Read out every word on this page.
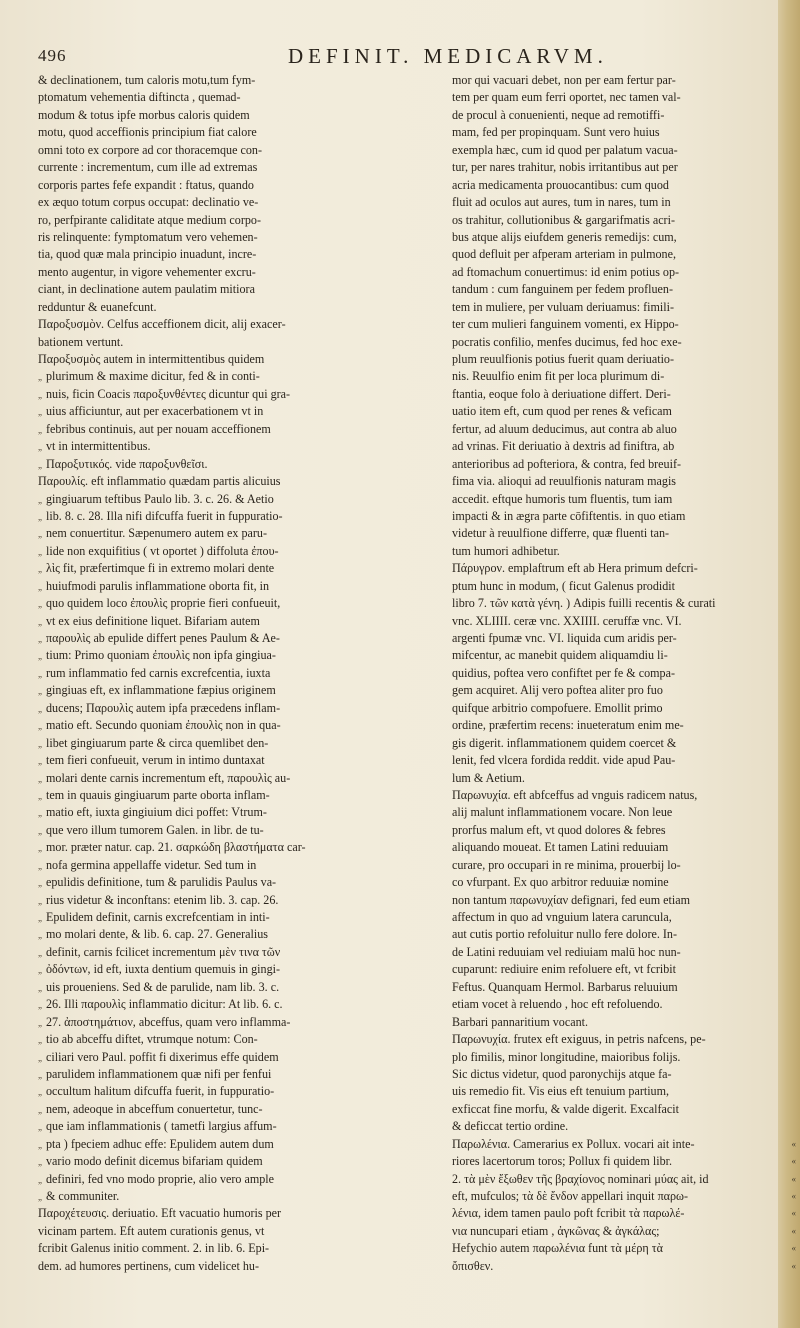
496	DEFINIT. MEDICARVM.
& declinationem, tum caloris motu,tum fym-
ptomatum vehementia diftincta , quemad-
modum & totus ipfe morbus caloris quidem
motu, quod acceffionis principium fiat calore
omni toto ex corpore ad cor thoracemque con-
currente : incrementum, cum ille ad extremas
corporis partes fefe expandit : ftatus, quando
ex æquo totum corpus occupat: declinatio ve-
ro, perfpirante caliditate atque medium corpo-
ris relinquente: fymptomatum vero vehemen-
tia, quod quæ mala principio inuadunt, incre-
mento augentur, in vigore vehementer excru-
ciant, in declinatione autem paulatim mitiora
redduntur & euanefcunt.
Παροξυσμὸν. Celfus acceffionem dicit, alij exacer-
bationem vertunt.
Παροξυσμὸς autem in intermittentibus quidem
„ plurimum & maxime dicitur, fed & in conti-
„ nuis, ficin Coacis παροξυνθέντες dicuntur qui gra-
„ uius afficiuntur, aut per exacerbationem vt in
„ febribus continuis, aut per nouam acceffionem
„ vt in intermittentibus.
„ Παροξυτικός. vide παροξυνθεῖσι.
Παρουλίς. eft inflammatio quædam partis alicuius
„ gingiuarum teftibus Paulo lib. 3. c. 26. & Aetio
„ lib. 8. c. 28. Illa nifi difcuffa fuerit in fuppuratio-
„ nem conuertitur. Sæpenumero autem ex paru-
„ lide non exquifitius ( vt oportet ) diffoluta ἐπου-
„ λὶς fit, præfertimque fi in extremo molari dente
„ huiufmodi parulis inflammatione oborta fit, in
„ quo quidem loco ἐπουλὶς proprie fieri confueuit,
„ vt ex eius definitione liquet. Bifariam autem
„ παρουλὶς ab epulide differt penes Paulum & Ae-
„ tium: Primo quoniam ἐπουλὶς non ipfa gingiua-
„ rum inflammatio fed carnis excrefcentia, iuxta
„ gingiuas eft, ex inflammatione fæpius originem
„ ducens; Παρουλὶς autem ipfa præcedens inflam-
„ matio eft. Secundo quoniam ἐπουλὶς non in qua-
„ libet gingiuarum parte & circa quemlibet den-
„ tem fieri confueuit, verum in intimo duntaxat
„ molari dente carnis incrementum eft, παρουλὶς au-
„ tem in quauis gingiuarum parte oborta inflam-
„ matio eft, iuxta gingiuium dici poffet: Vtrum-
„ que vero illum tumorem Galen. in libr. de tu-
„ mor. præter natur. cap. 21. σαρκώδη βλαστήματα car-
„ nofa germina appellaffe videtur. Sed tum in
„ epulidis definitione, tum & parulidis Paulus va-
„ rius videtur & inconftans: etenim lib. 3. cap. 26.
„ Epulidem definit, carnis excrefcentiam in inti-
„ mo molari dente, & lib. 6. cap. 27. Generalius
„ definit, carnis fcilicet incrementum μὲν τινα τῶν
„ ὀδόντων, id eft, iuxta dentium quemuis in gingi-
„ uis proueniens. Sed & de parulide, nam lib. 3. c.
„ 26. Illi παρουλὶς inflammatio dicitur: At lib. 6. c.
„ 27. ἀποστημάτιον, abceffus, quam vero inflamma-
„ tio ab abceffu diftet, vtrumque notum: Con-
„ ciliari vero Paul. poffit fi dixerimus effe quidem
„ parulidem inflammationem quæ nifi per fenfui
„ occultum halitum difcuffa fuerit, in fuppuratio-
„ nem, adeoque in abceffum conuertetur, tunc-
„ que iam inflammationis ( tametfi largius affum-
„ pta ) fpeciem adhuc effe: Epulidem autem dum
„ vario modo definit dicemus bifariam quidem
„ definiri, fed vno modo proprie, alio vero ample
„ & communiter.
Παροχέτευσις. deriuatio. Eft vacuatio humoris per
vicinam partem. Eft autem curationis genus, vt
fcribit Galenus initio comment. 2. in lib. 6. Epi-
dem. ad humores pertinens, cum videlicet hu-
mor qui vacuari debet, non per eam fertur par-
tem per quam eum ferri oportet, nec tamen val-
de procul à conuenienti, neque ad remotiffi-
mam, fed per propinquam. Sunt vero huius
exempla hæc, cum id quod per palatum vacua-
tur, per nares trahitur, nobis irritantibus aut per
acria medicamenta prouocantibus: cum quod
fluit ad oculos aut aures, tum in nares, tum in
os trahitur, collutionibus & gargarifmatis acri-
bus atque alijs eiufdem generis remedijs: cum,
quod defluit per afperam arteriam in pulmone,
ad ftomachum conuertimus: id enim potius op-
tandum : cum fanguinem per fedem profluen-
tem in muliere, per vuluam deriuamus: fimili-
ter cum mulieri fanguinem vomenti, ex Hippo-
pocratis confilio, menfes ducimus, fed hoc exe-
plum reuulfionis potius fuerit quam deriuatio-
nis. Reuulfio enim fit per loca plurimum di-
ftantia, eoque folo à deriuatione differt. Deri-
uatio item eft, cum quod per renes & veficam
fertur, ad aluum deducimus, aut contra ab aluo
ad vrinas. Fit deriuatio à dextris ad finiftra, ab
anterioribus ad pofteriora, & contra, fed breuif-
fima via. alioqui ad reuulfionis naturam magis
accedit. eftque humoris tum fluentis, tum iam
impacti & in ægra parte cōfiftentis. in quo etiam
videtur à reuulfione differre, quæ fluenti tan-
tum humori adhibetur.
Πάρυγρον. emplaftrum eft ab Hera primum defcri-
ptum hunc in modum, ( ficut Galenus prodidit
libro 7. τῶν κατὰ γένη. ) Adipis fuilli recentis & curati
vnc. XLIIII. ceræ vnc. XXIIII. ceruffæ vnc. VI.
argenti fpumæ vnc. VI. liquida cum aridis per-
mifcentur, ac manebit quidem aliquamdiu li-
quidius, poftea vero confiftet per fe & compa-
gem acquiret. Alij vero poftea aliter pro fuo
quifque arbitrio compofuere. Emollit primo
ordine, præfertim recens: inueteratum enim me-
gis digerit. inflammationem quidem coercet &
lenit, fed vlcera fordida reddit. vide apud Pau-
lum & Aetium.
Παρωνυχία. eft abfceffus ad vnguis radicem natus,
alij malunt inflammationem vocare. Non leue
prorfus malum eft, vt quod dolores & febres
aliquando moueat. Et tamen Latini reduuiam
curare, pro occupari in re minima, prouerbij lo-
co vfurpant. Ex quo arbitror reduuiæ nomine
non tantum παρωνυχίαν defignari, fed eum etiam
affectum in quo ad vnguium latera caruncula,
aut cutis portio refoluitur nullo fere dolore. In-
de Latini reduuiam vel rediuiam malū hoc nun-
cuparunt: rediuire enim refoluere eft, vt fcribit
Feftus. Quanquam Hermol. Barbarus reluuium
etiam vocet à reluendo , hoc eft refoluendo.
Barbari pannaritium vocant.
Παρωνυχία. frutex eft exiguus, in petris nafcens, pe-
plo fimilis, minor longitudine, maioribus folijs.
Sic dictus videtur, quod paronychijs atque fa-
uis remedio fit. Vis eius eft tenuium partium,
exficcat fine morfu, & valde digerit. Excalfacit
& deficcat tertio ordine.
Παρωλένια. Camerarius ex Pollux. vocari ait inte- «
riores lacertorum toros; Pollux fi quidem libr. «
2. τὰ μὲν ἔξωθεν τῆς βραχίονος nominari μύας ait, id «
eft, mufculos; τὰ δὲ ἔνδον appellari inquit παρω- «
λένια, idem tamen paulo poft fcribit τὰ παρωλέ- «
νια nuncupari etiam , ἀγκῶνας & ἀγκάλας; «
Hefychio autem παρωλένια funt τὰ μέρη τὰ «
ὄπισθεν. «
